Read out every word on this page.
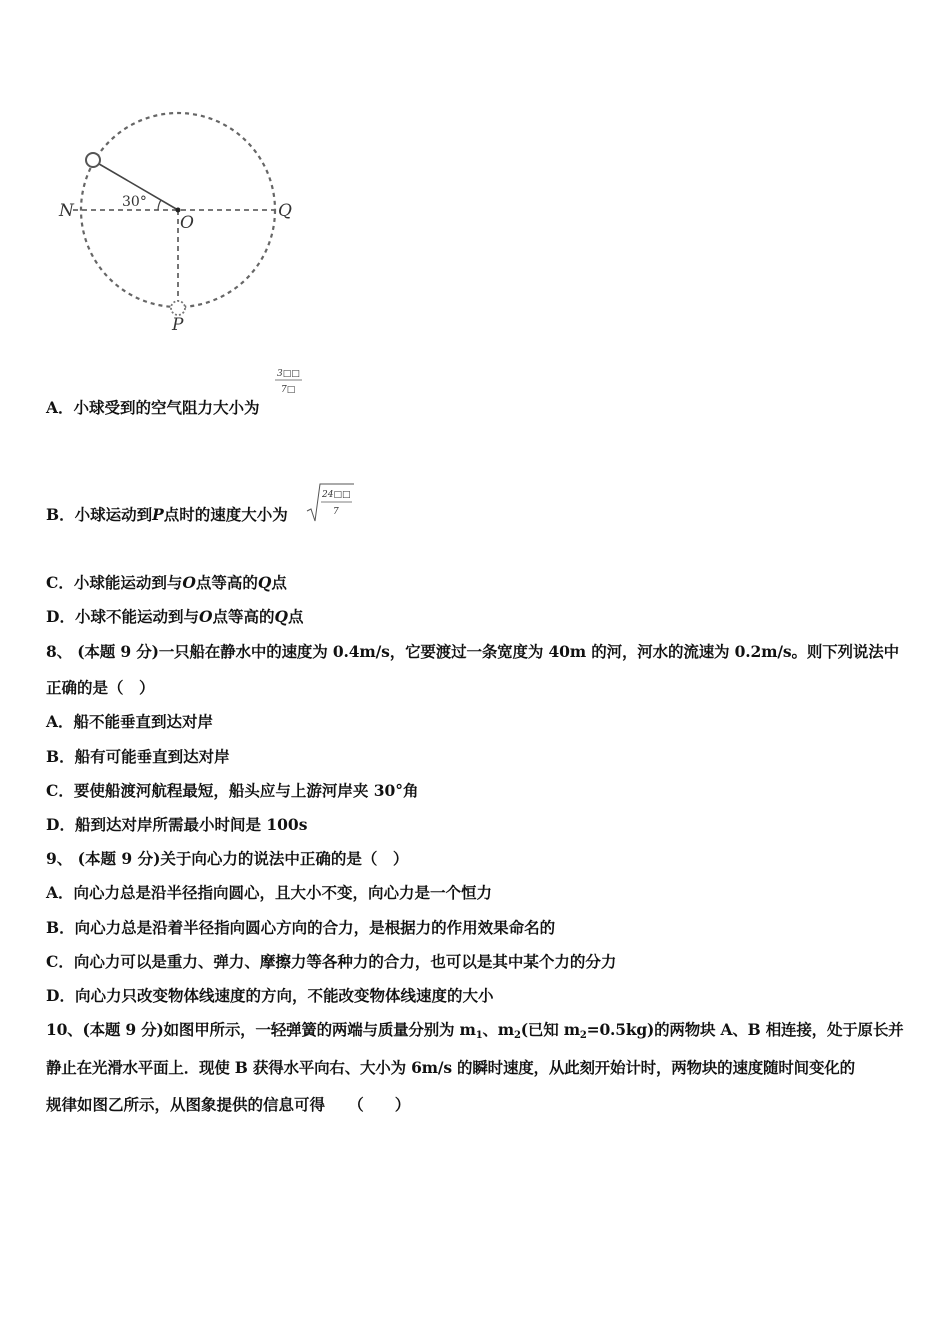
30°
N
O
Q
P
A．小球受到的空气阻力大小为
3□□
7□
B．小球运动到P点时的速度大小为
24□□
7
C．小球能运动到与O点等高的Q点
D．小球不能运动到与O点等高的Q点
8、 (本题 9 分)一只船在静水中的速度为 0.4m/s，它要渡过一条宽度为 40m 的河，河水的流速为 0.2m/s。则下列说法中
正确的是（　）
A．船不能垂直到达对岸
B．船有可能垂直到达对岸
C．要使船渡河航程最短，船头应与上游河岸夹 30°角
D．船到达对岸所需最小时间是 100s
9、 (本题 9 分)关于向心力的说法中正确的是（　）
A．向心力总是沿半径指向圆心，且大小不变，向心力是一个恒力
B．向心力总是沿着半径指向圆心方向的合力，是根据力的作用效果命名的
C．向心力可以是重力、弹力、摩擦力等各种力的合力，也可以是其中某个力的分力
D．向心力只改变物体线速度的方向，不能改变物体线速度的大小
10、(本题 9 分)如图甲所示，一轻弹簧的两端与质量分别为 $m_1$、$m_2$(已知 $m_2=0.5kg$)的两物块 A、B 相连接，处于原长并
静止在光滑水平面上．现使 B 获得水平向右、大小为 6m/s 的瞬时速度，从此刻开始计时，两物块的速度随时间变化的
规律如图乙所示，从图象提供的信息可得　　（　　）
